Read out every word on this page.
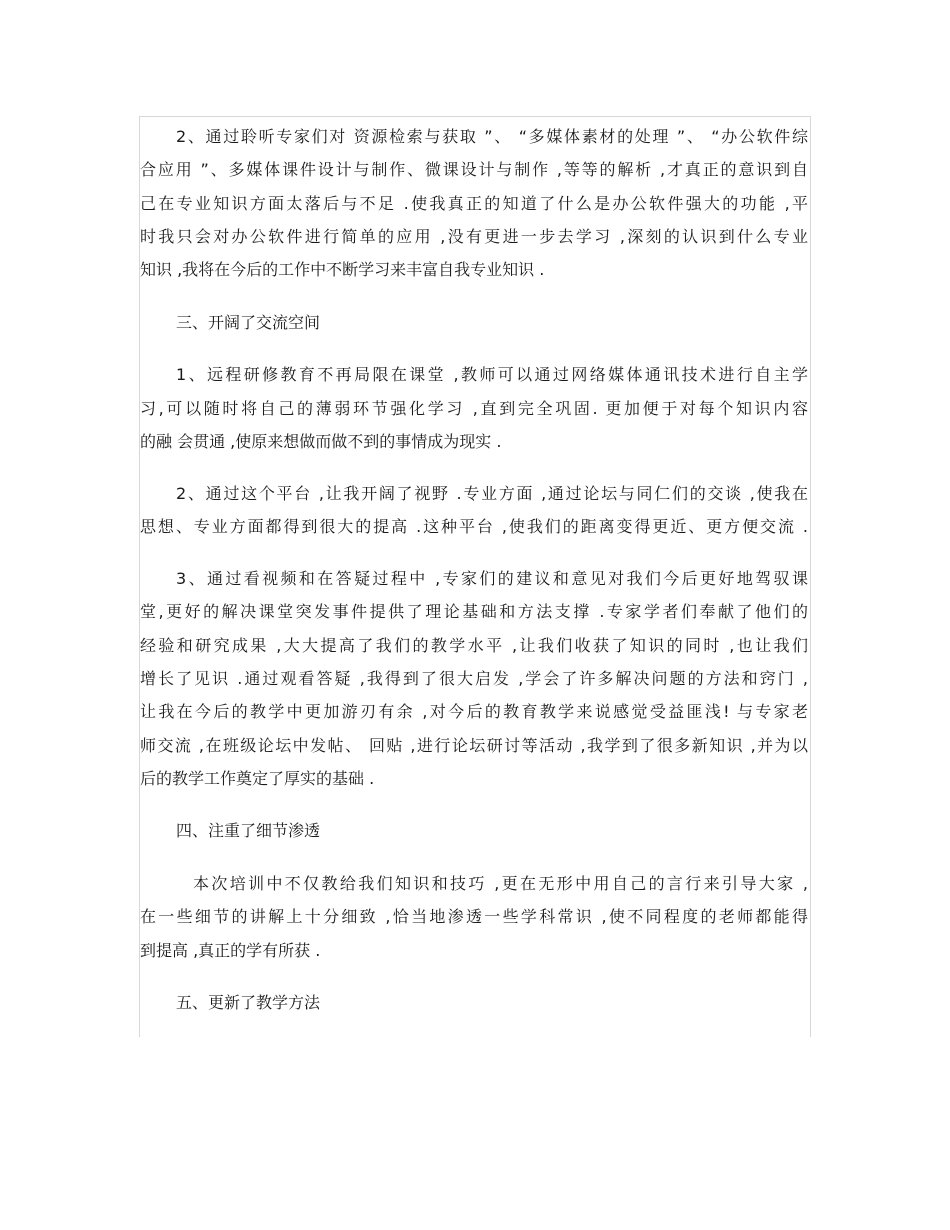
2、通过聆听专家们对 资源检索与获取 ”、 “多媒体素材的处理 ”、 “办公软件综
合应用 ”、多媒体课件设计与制作、微课设计与制作 ,等等的解析 ,才真正的意识到自
己在专业知识方面太落后与不足 .使我真正的知道了什么是办公软件强大的功能 ,平
时我只会对办公软件进行简单的应用 ,没有更进一步去学习 ,深刻的认识到什么专业
知识 ,我将在今后的工作中不断学习来丰富自我专业知识 .
三、开阔了交流空间
1、远程研修教育不再局限在课堂 ,教师可以通过网络媒体通讯技术进行自主学
习,可以随时将自己的薄弱环节强化学习 ,直到完全巩固. 更加便于对每个知识内容
的融 会贯通 ,使原来想做而做不到的事情成为现实 .
2、通过这个平台 ,让我开阔了视野 .专业方面 ,通过论坛与同仁们的交谈 ,使我在
思想、专业方面都得到很大的提高 .这种平台 ,使我们的距离变得更近、更方便交流 .
3、通过看视频和在答疑过程中 ,专家们的建议和意见对我们今后更好地驾驭课
堂,更好的解决课堂突发事件提供了理论基础和方法支撑 .专家学者们奉献了他们的
经验和研究成果 ,大大提高了我们的教学水平 ,让我们收获了知识的同时 ,也让我们
增长了见识 .通过观看答疑 ,我得到了很大启发 ,学会了许多解决问题的方法和窍门 ,
让我在今后的教学中更加游刃有余 ,对今后的教育教学来说感觉受益匪浅! 与专家老
师交流 ,在班级论坛中发帖、 回贴 ,进行论坛研讨等活动 ,我学到了很多新知识 ,并为以
后的教学工作奠定了厚实的基础 .
四、注重了细节渗透
本次培训中不仅教给我们知识和技巧 ,更在无形中用自己的言行来引导大家 ,
在一些细节的讲解上十分细致 ,恰当地渗透一些学科常识 ,使不同程度的老师都能得
到提高 ,真正的学有所获 .
五、更新了教学方法
